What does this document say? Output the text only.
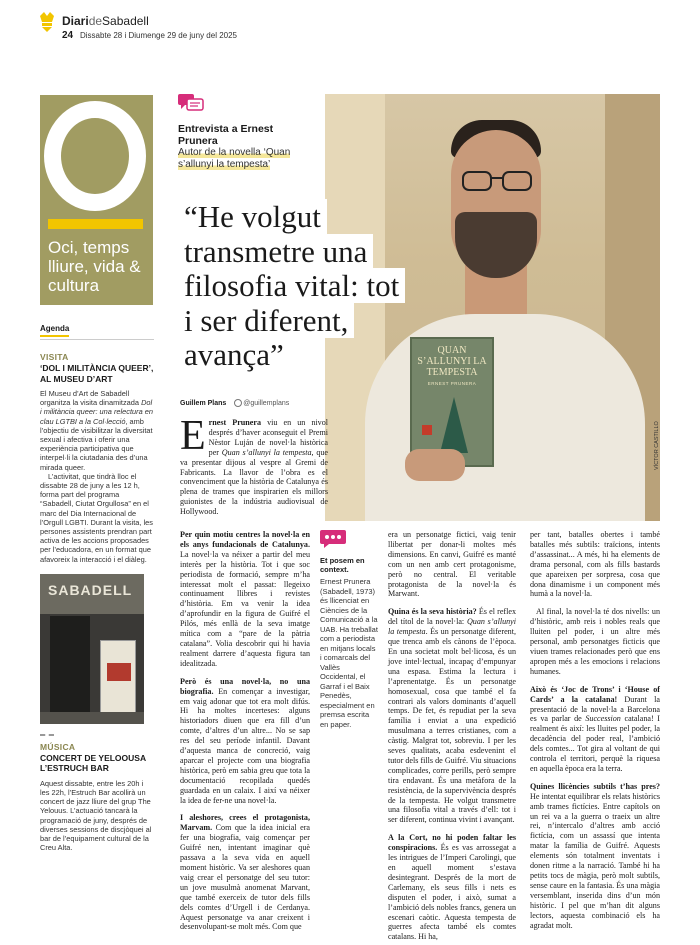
DiarideSabadell
24 Dissabte 28 i Diumenge 29 de juny del 2025
Oci, temps lliure, vida & cultura
Agenda
VISITA
‘DOL I MILITÀNCIA QUEER’, AL MUSEU D’ART
El Museu d’Art de Sabadell organitza la visita dinamitzada Dol i militància queer: una relectura en clau LGTBI a la Col·lecció, amb l’objectiu de visibilitzar la diversitat sexual i afectiva i oferir una experiència participativa que interpel·li la ciutadania des d’una mirada queer.
L’activitat, que tindrà lloc el dissabte 28 de juny a les 12 h, forma part del programa “Sabadell, Ciutat Orgullosa” en el marc del Dia Internacional de l’Orgull LGBTI. Durant la visita, les persones assistents prendran part activa de les accions proposades per l’educadora, en un format que afavoreix la interacció i el diàleg.
SABADELL
MÚSICA
CONCERT DE YELOOUSA L’ESTRUCH BAR
Aquest dissabte, entre les 20h i les 22h, l’Estruch Bar acollirà un concert de jazz lliure del grup The Yelouus. L’actuació tancarà la programació de juny, després de diverses sessions de discjòquei al bar de l’equipament cultural de la Creu Alta.
Entrevista a Ernest Prunera
Autor de la novella ‘Quan s’allunyi la tempesta’
QUAN S’ALLUNYI LA TEMPESTA
ERNEST PRUNERA
VÍCTOR CASTILLO
“He volgut transmetre una filosofia vital: tot i ser diferent, avança”
Guillem Plans @guillemplans
Ernest Prunera viu en un nivol després d’haver aconseguit el Premi Nèstor Luján de novel·la històrica per Quan s’allunyi la tempesta, que va presentar dijous al vespre al Gremi de Fabricants. La llavor de l’obra es el convenciment que la història de Catalunya és plena de trames que inspirarien els millors guionistes de la indústria audiovisual de Hollywood.

Per quin motiu centres la novel·la en els anys fundacionals de Catalunya. La novel·la va néixer a partir del meu interès per la història. Tot i que soc periodista de formació, sempre m’ha interessat molt el passat: llegeixo continuament llibres i revistes d’història. Em va venir la idea d’aprofundir en la figura de Guifré el Pilós, més enllà de la seva imatge mítica com a “pare de la pàtria catalana”. Volia descobrir qui hi havia realment darrere d’aquesta figura tan idealitzada.

Però és una novel·la, no una biografia. En començar a investigar, em vaig adonar que tot era molt difús. Hi ha moltes incerteses: alguns historiadors diuen que era fill d’un comte, d’altres d’un altre... No se sap res del seu període infantil. Davant d’aquesta manca de concreció, vaig aparcar el projecte com una biografia històrica, però em sabia greu que tota la documentació recopilada quedés guardada en un calaix. I així va néixer la idea de fer-ne una novel·la.

I aleshores, crees el protagonista, Marvam. Com que la idea inicial era fer una biografia, vaig començar per Guifré nen, intentant imaginar què passava a la seva vida en aquell moment històric. Va ser aleshores quan vaig crear el personatge del seu tutor: un jove musulmà anomenat Marvant, que també exerceix de tutor dels fills dels comtes d’Urgell i de Cerdanya. Aquest personatge va anar creixent i desenvolupant-se molt més. Com que

Et posem en context.
Ernest Prunera (Sabadell, 1973) és llicenciat en Ciències de la Comunicació a la UAB. Ha treballat com a periodista en mitjans locals i comarcals del Vallès Occidental, el Garraf i el Baix Penedès, especialment en premsa escrita en paper.

era un personatge fictici, vaig tenir llibertat per donar-li moltes més dimensions. En canvi, Guifré es manté com un nen amb cert protagonisme, però no central. El veritable protagonista de la novel·la és Marwant.

Quina és la seva història? És el reflex del títol de la novel·la: Quan s’allunyi la tempesta. És un personatge diferent, que trenca amb els cànons de l’època. En una societat molt bel·licosa, és un jove intel·lectual, incapaç d’empunyar una espasa. Estima la lectura i l’aprenentatge. És un personatge homosexual, cosa que també el fa contrari als valors dominants d’aquell temps. De fet, és repudiat per la seva família i enviat a una expedició musulmana a terres cristianes, com a càstig. Malgrat tot, sobreviu. I per les seves qualitats, acaba esdevenint el tutor dels fills de Guifré. Viu situacions complicades, corre perills, però sempre tira endavant. És una metàfora de la resistència, de la supervivència després de la tempesta. He volgut transmetre una filosofia vital a través d’ell: tot i ser diferent, continua vivint i avançant.

A la Cort, no hi poden faltar les conspiracions. És es vas arrossegat a les intrigues de l’Imperi Carolingi, que en aquell moment s’estava desintegrant. Després de la mort de Carlemany, els seus fills i nets es disputen el poder, i això, sumat a l’ambició dels nobles francs, genera un escenari caòtic. Aquesta tempesta de guerres afecta també els comtes catalans. Hi ha,

per tant, batalles obertes i també batalles més subtils: traïcions, intents d’assassinat... A més, hi ha elements de drama personal, com als fills bastards que apareixen per sorpresa, cosa que dona dinamisme i un component més humà a la novel·la.

Al final, la novel·la té dos nivells: un d’històric, amb reis i nobles reals que lluiten pel poder, i un altre més personal, amb personatges ficticis que viuen trames relacionades però que ens apropen més a les emocions i relacions humanes.

Això és ‘Joc de Trons’ i ‘House of Cards’ a la catalana! Durant la presentació de la novel·la a Barcelona es va parlar de Succession catalana! I realment és així: les lluites pel poder, la decadència del poder real, l’ambició dels comtes... Tot gira al voltant de qui controla el territori, perquè la riquesa en aquella època era la terra.

Quines llicències subtils t’has pres? He intentat equilibrar els relats històrics amb trames fictícies. Entre capítols on un rei va a la guerra o traeix un altre rei, n’intercalo d’altres amb acció fictícia, com un assassí que intenta matar la família de Guifré. Aquests elements són totalment inventats i donen ritme a la narració. També hi ha petits tocs de màgia, però molt subtils, sense caure en la fantasia. És una màgia versemblant, inserida dins d’un món històric. I pel que m’han dit alguns lectors, aquesta combinació els ha agradat molt.
